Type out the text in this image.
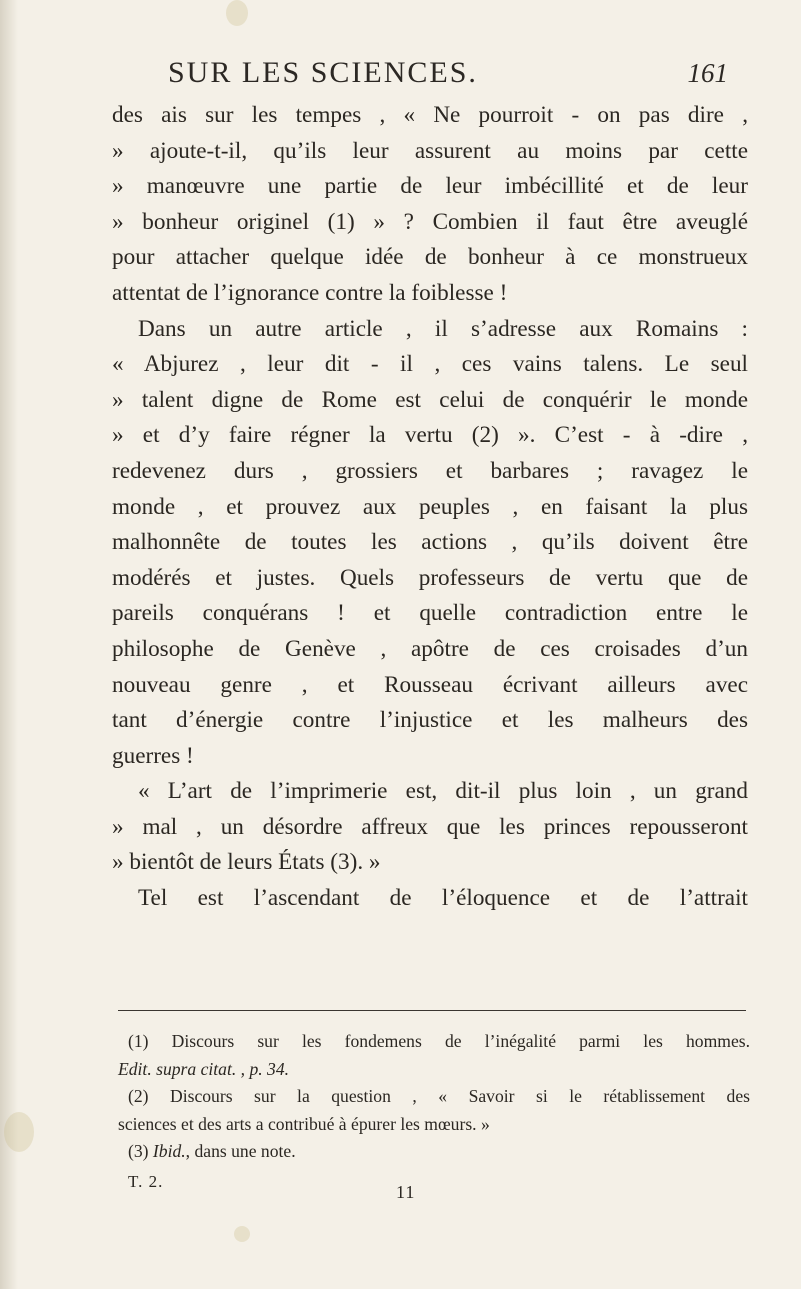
SUR LES SCIENCES.	161
des ais sur les tempes , « Ne pourroit - on pas dire ,
» ajoute-t-il, qu’ils leur assurent au moins par cette
» manœuvre une partie de leur imbécillité et de leur
» bonheur originel (1) » ? Combien il faut être aveuglé
pour attacher quelque idée de bonheur à ce monstrueux
attentat de l’ignorance contre la foiblesse !
Dans un autre article , il s’adresse aux Romains :
« Abjurez , leur dit - il , ces vains talens. Le seul
» talent digne de Rome est celui de conquérir le monde
» et d’y faire régner la vertu (2) ». C’est - à -dire ,
redevenez durs , grossiers et barbares ; ravagez le
monde , et prouvez aux peuples , en faisant la plus
malhonnête de toutes les actions , qu’ils doivent être
modérés et justes. Quels professeurs de vertu que de
pareils conquérans ! et quelle contradiction entre le
philosophe de Genève , apôtre de ces croisades d’un
nouveau genre , et Rousseau écrivant ailleurs avec
tant d’énergie contre l’injustice et les malheurs des
guerres !
« L’art de l’imprimerie est, dit-il plus loin , un grand
» mal , un désordre affreux que les princes repousseront
» bientôt de leurs États (3). »
Tel est l’ascendant de l’éloquence et de l’attrait
(1) Discours sur les fondemens de l’inégalité parmi les hommes.
Edit. supra citat. , p. 34.
(2) Discours sur la question , « Savoir si le rétablissement des
sciences et des arts a contribué à épurer les mœurs. »
(3) Ibid., dans une note.
T. 2.
11
